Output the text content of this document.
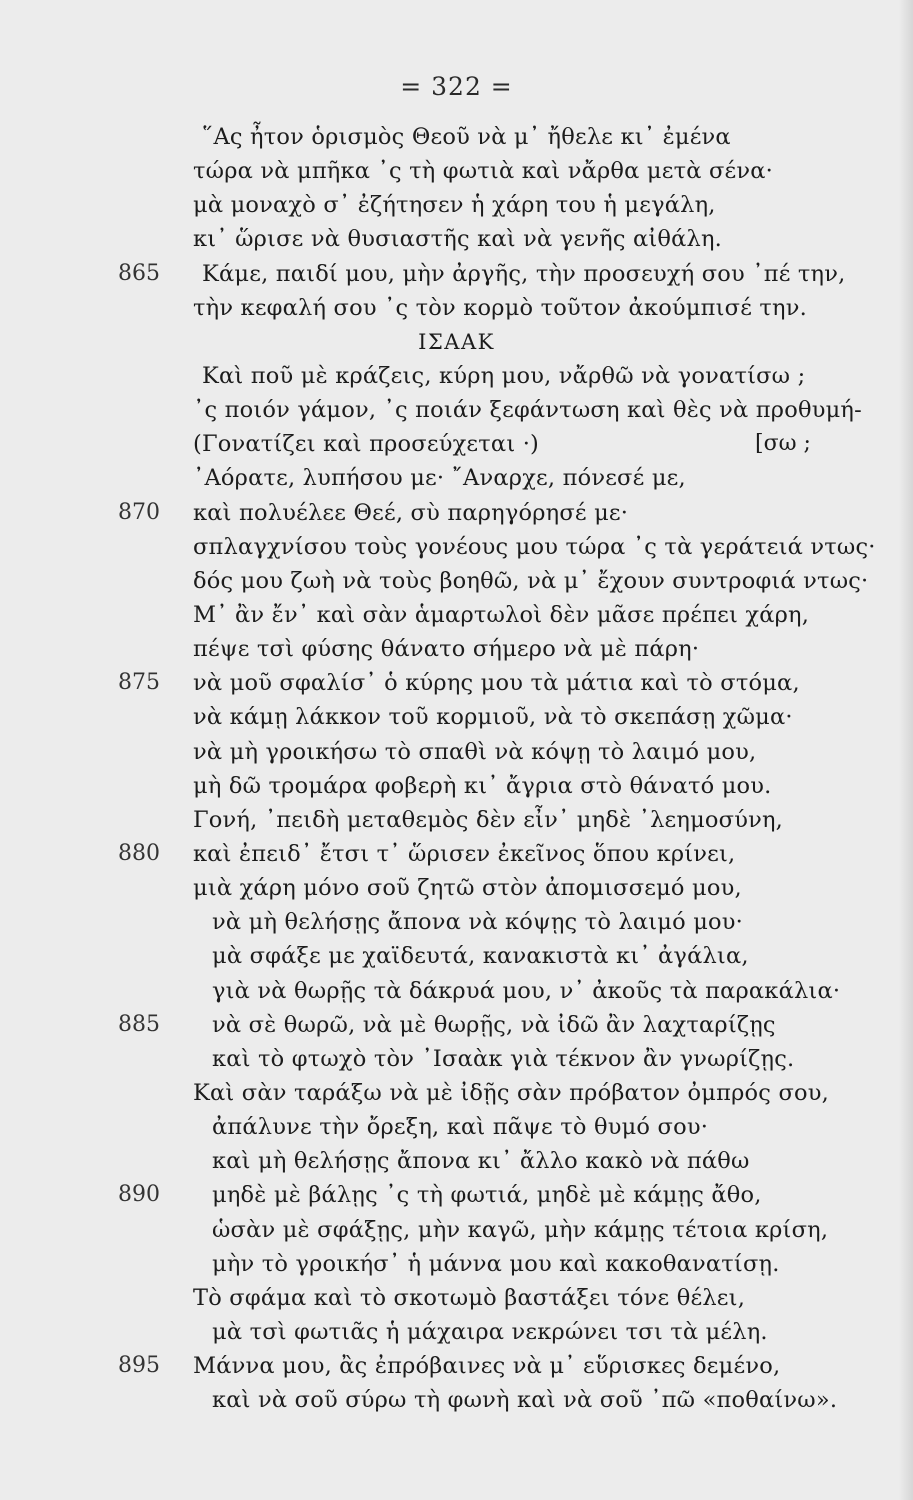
= 322 =
῞Ας ἦτον ὁρισμὸς Θεοῦ νὰ μ᾽ ἤθελε κι᾽ ἐμένα
τώρα νὰ μπῆκα ᾽ς τὴ φωτιὰ καὶ νἄρθα μετὰ σένα·
μὰ μοναχὸ σ᾽ ἐζήτησεν ἡ χάρη του ἡ μεγάλη,
κι᾽ ὥρισε νὰ θυσιαστῆς καὶ νὰ γενῆς αἰθάλη.
865 Κάμε, παιδί μου, μὴν ἀργῆς, τὴν προσευχή σου ᾽πέ την,
τὴν κεφαλή σου ᾽ς τὸν κορμὸ τοῦτον ἀκούμπισέ την.
ΙΣΑΑΚ
Καὶ ποῦ μὲ κράζεις, κύρη μου, νἄρθῶ νὰ γονατίσω ;
᾽ς ποιόν γάμον, ᾽ς ποιάν ξεφάντωση καὶ θὲς νὰ προθυμή-
(Γονατίζει καὶ προσεύχεται ·)	[σω ;
᾽Αόρατε, λυπήσου με· ῎Αναρχε, πόνεσέ με,
870 καὶ πολυέλεε Θεέ, σὺ παρηγόρησέ με·
σπλαγχνίσου τοὺς γονέους μου τώρα ᾽ς τὰ γεράτειά ντως·
δός μου ζωὴ νὰ τοὺς βοηθῶ, νὰ μ᾽ ἔχουν συντροφιά ντως·
Μ᾽ ἂν ἔν᾽ καὶ σὰν ἁμαρτωλοὶ δὲν μᾶσε πρέπει χάρη,
πέψε τσὶ φύσης θάνατο σήμερο νὰ μὲ πάρη·
875 νὰ μοῦ σφαλίσ᾽ ὁ κύρης μου τὰ μάτια καὶ τὸ στόμα,
νὰ κάμῃ λάκκον τοῦ κορμιοῦ, νὰ τὸ σκεπάσῃ χῶμα·
νὰ μὴ γροικήσω τὸ σπαθὶ νὰ κόψῃ τὸ λαιμό μου,
μὴ δῶ τρομάρα φοβερὴ κι᾽ ἄγρια στὸ θάνατό μου.
Γονή, ᾽πειδὴ μεταθεμὸς δὲν εἶν᾽ μηδὲ ᾽λεημοσύνη,
880 καὶ ἐπειδ᾽ ἔτσι τ᾽ ὥρισεν ἐκεῖνος ὅπου κρίνει,
μιὰ χάρη μόνο σοῦ ζητῶ στὸν ἀπομισσεμό μου,
νὰ μὴ θελήσῃς ἄπονα νὰ κόψῃς τὸ λαιμό μου·
μὰ σφάξε με χαϊδευτά, κανακιστὰ κι᾽ ἀγάλια,
γιὰ νὰ θωρῇς τὰ δάκρυά μου, ν᾽ ἀκοῦς τὰ παρακάλια·
885 νὰ σὲ θωρῶ, νὰ μὲ θωρῇς, νὰ ἰδῶ ἂν λαχταρίζῃς
καὶ τὸ φτωχὸ τὸν ᾽Ισαὰκ γιὰ τέκνον ἂν γνωρίζῃς.
Καὶ σὰν ταράξω νὰ μὲ ἰδῇς σὰν πρόβατον ὀμπρός σου,
ἀπάλυνε τὴν ὄρεξη, καὶ πᾶψε τὸ θυμό σου·
καὶ μὴ θελήσῃς ἄπονα κι᾽ ἄλλο κακὸ νὰ πάθω
890 μηδὲ μὲ βάλῃς ᾽ς τὴ φωτιά, μηδὲ μὲ κάμῃς ἄθο,
ὡσὰν μὲ σφάξῃς, μὴν καγῶ, μὴν κάμῃς τέτοια κρίση,
μὴν τὸ γροικήσ᾽ ἡ μάννα μου καὶ κακοθανατίσῃ.
Τὸ σφάμα καὶ τὸ σκοτωμὸ βαστάξει τόνε θέλει,
μὰ τσὶ φωτιᾶς ἡ μάχαιρα νεκρώνει τσι τὰ μέλη.
895 Μάννα μου, ἂς ἐπρόβαινες νὰ μ᾽ εὕρισκες δεμένο,
καὶ νὰ σοῦ σύρω τὴ φωνὴ καὶ νὰ σοῦ ᾽πῶ «ποθαίνω».
